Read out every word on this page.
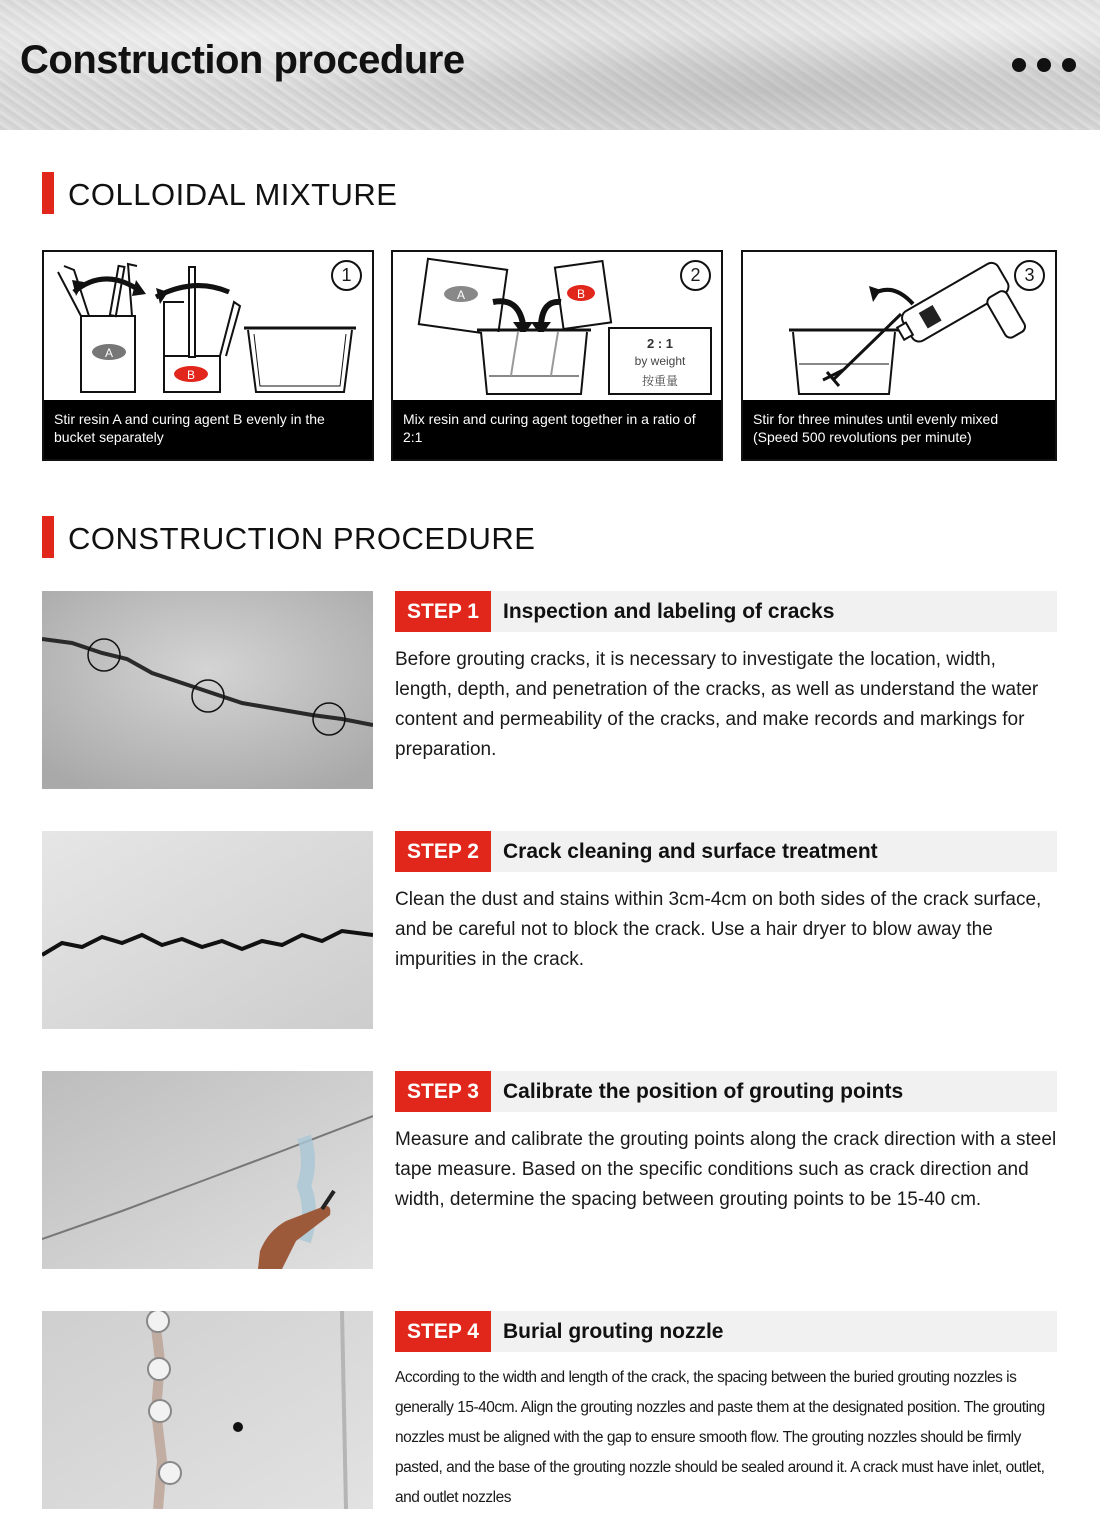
Construction procedure
COLLOIDAL MIXTURE
A
B
1
Stir resin A and curing agent B evenly in the bucket separately
A	B
2 : 1
by weight
按重量
2
Mix resin and curing agent together in a ratio of 2:1
3
Stir for three minutes until evenly mixed (Speed 500 revolutions per minute)
CONSTRUCTION PROCEDURE
STEP 1	Inspection and labeling of cracks
Before grouting cracks, it is necessary to investigate the location, width, length, depth, and penetration of the cracks, as well as understand the water content and permeability of the cracks, and make records and markings for preparation.
STEP 2	Crack cleaning and surface treatment
Clean the dust and stains within 3cm-4cm on both sides of the crack surface, and be careful not to block the crack. Use a hair dryer to blow away the impurities in the crack.
STEP 3	Calibrate the position of grouting points
Measure and calibrate the grouting points along the crack direction with a steel tape measure. Based on the specific conditions such as crack direction and width, determine the spacing between grouting points to be 15-40 cm.
STEP 4	Burial grouting nozzle
According to the width and length of the crack, the spacing between the buried grouting nozzles is generally 15-40cm. Align the grouting nozzles and paste them at the designated position. The grouting nozzles must be aligned with the gap to ensure smooth flow. The grouting nozzles should be firmly pasted, and the base of the grouting nozzle should be sealed around it. A crack must have inlet, outlet, and outlet nozzles
